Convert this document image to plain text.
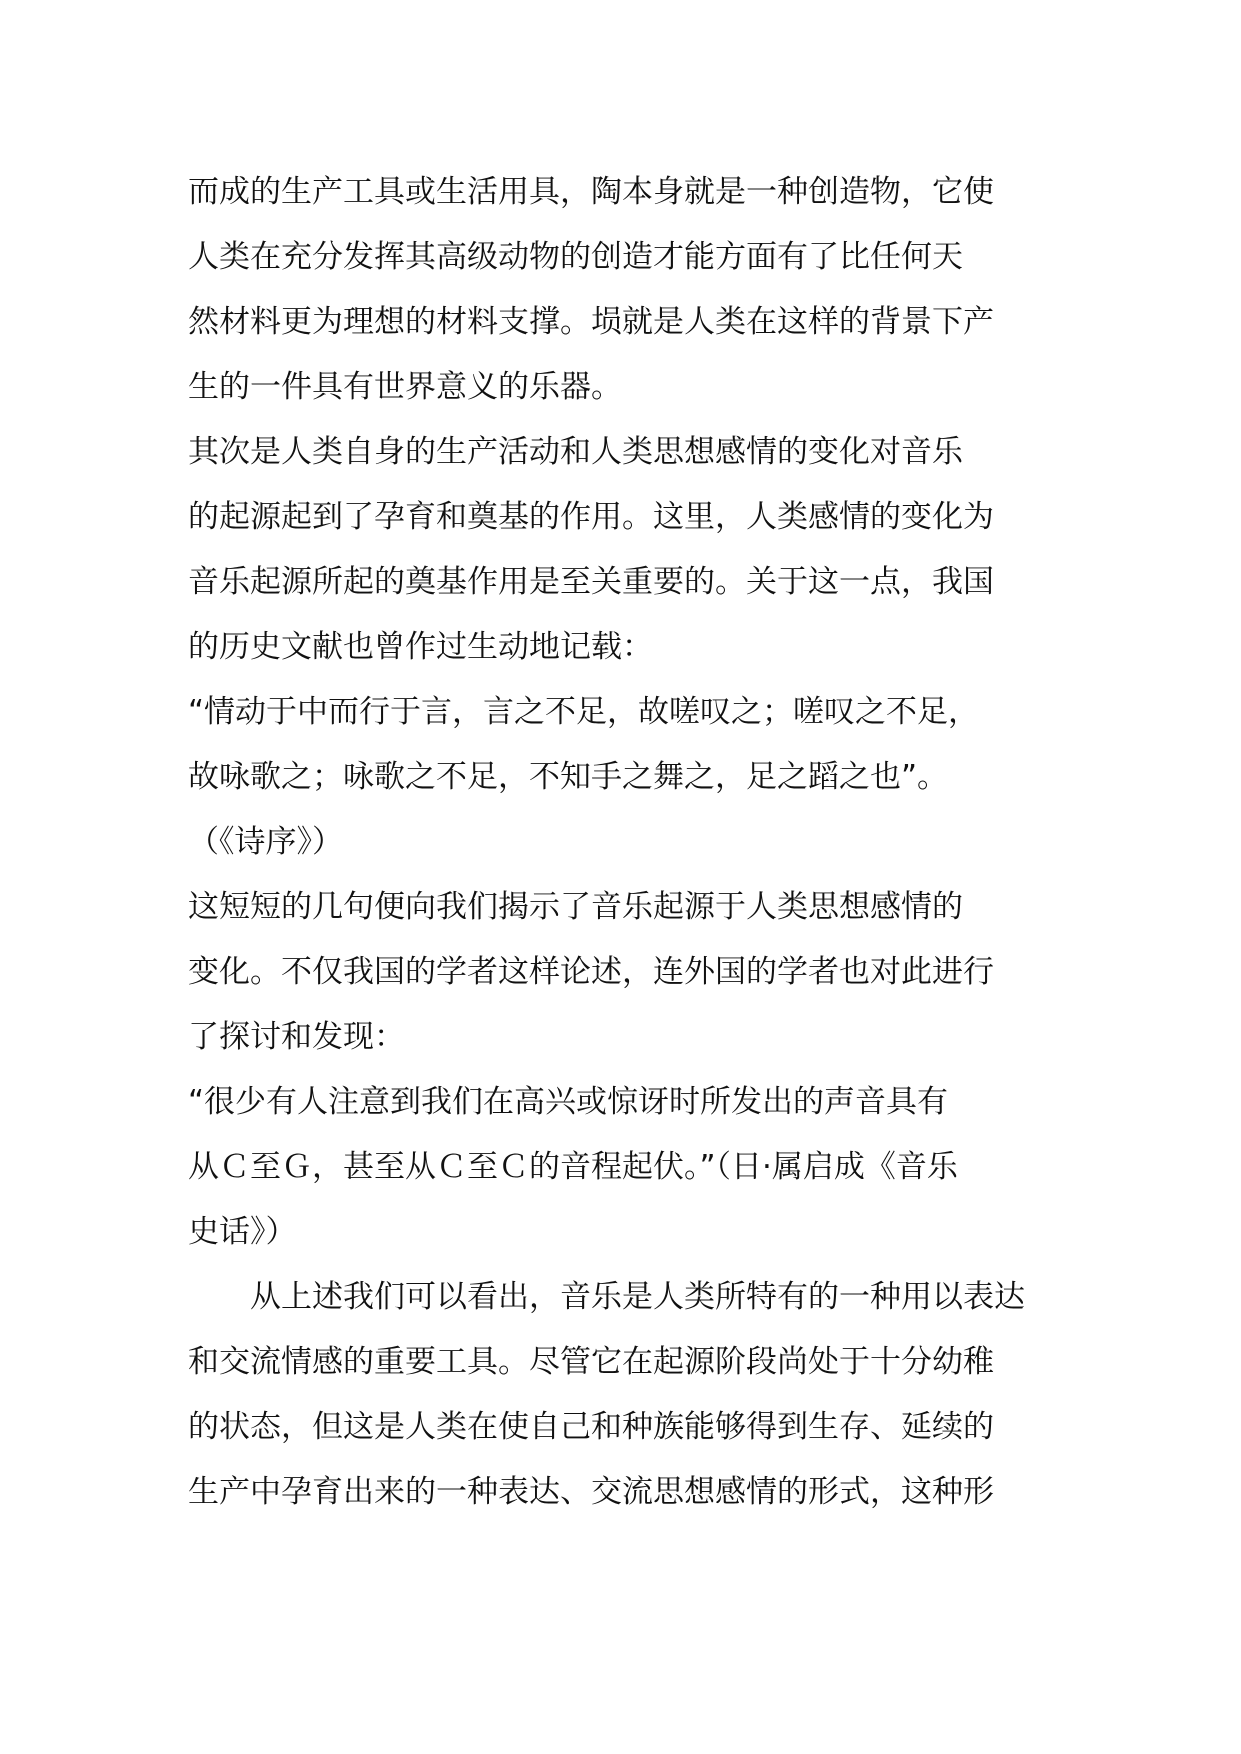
而成的生产工具或生活用具，陶本身就是一种创造物，它使
人类在充分发挥其高级动物的创造才能方面有了比任何天
然材料更为理想的材料支撑。埙就是人类在这样的背景下产
生的一件具有世界意义的乐器。
其次是人类自身的生产活动和人类思想感情的变化对音乐
的起源起到了孕育和奠基的作用。这里，人类感情的变化为
音乐起源所起的奠基作用是至关重要的。关于这一点，我国
的历史文献也曾作过生动地记载：
“情动于中而行于言，言之不足，故嗟叹之；嗟叹之不足，
故咏歌之；咏歌之不足，不知手之舞之，足之蹈之也”。
（《诗序》）
这短短的几句便向我们揭示了音乐起源于人类思想感情的
变化。不仅我国的学者这样论述，连外国的学者也对此进行
了探讨和发现：
“很少有人注意到我们在高兴或惊讶时所发出的声音具有
从Ｃ至Ｇ，甚至从Ｃ至Ｃ的音程起伏。”（日·属启成《音乐
史话》）
　　从上述我们可以看出，音乐是人类所特有的一种用以表达
和交流情感的重要工具。尽管它在起源阶段尚处于十分幼稚
的状态，但这是人类在使自己和种族能够得到生存、延续的
生产中孕育出来的一种表达、交流思想感情的形式，这种形
